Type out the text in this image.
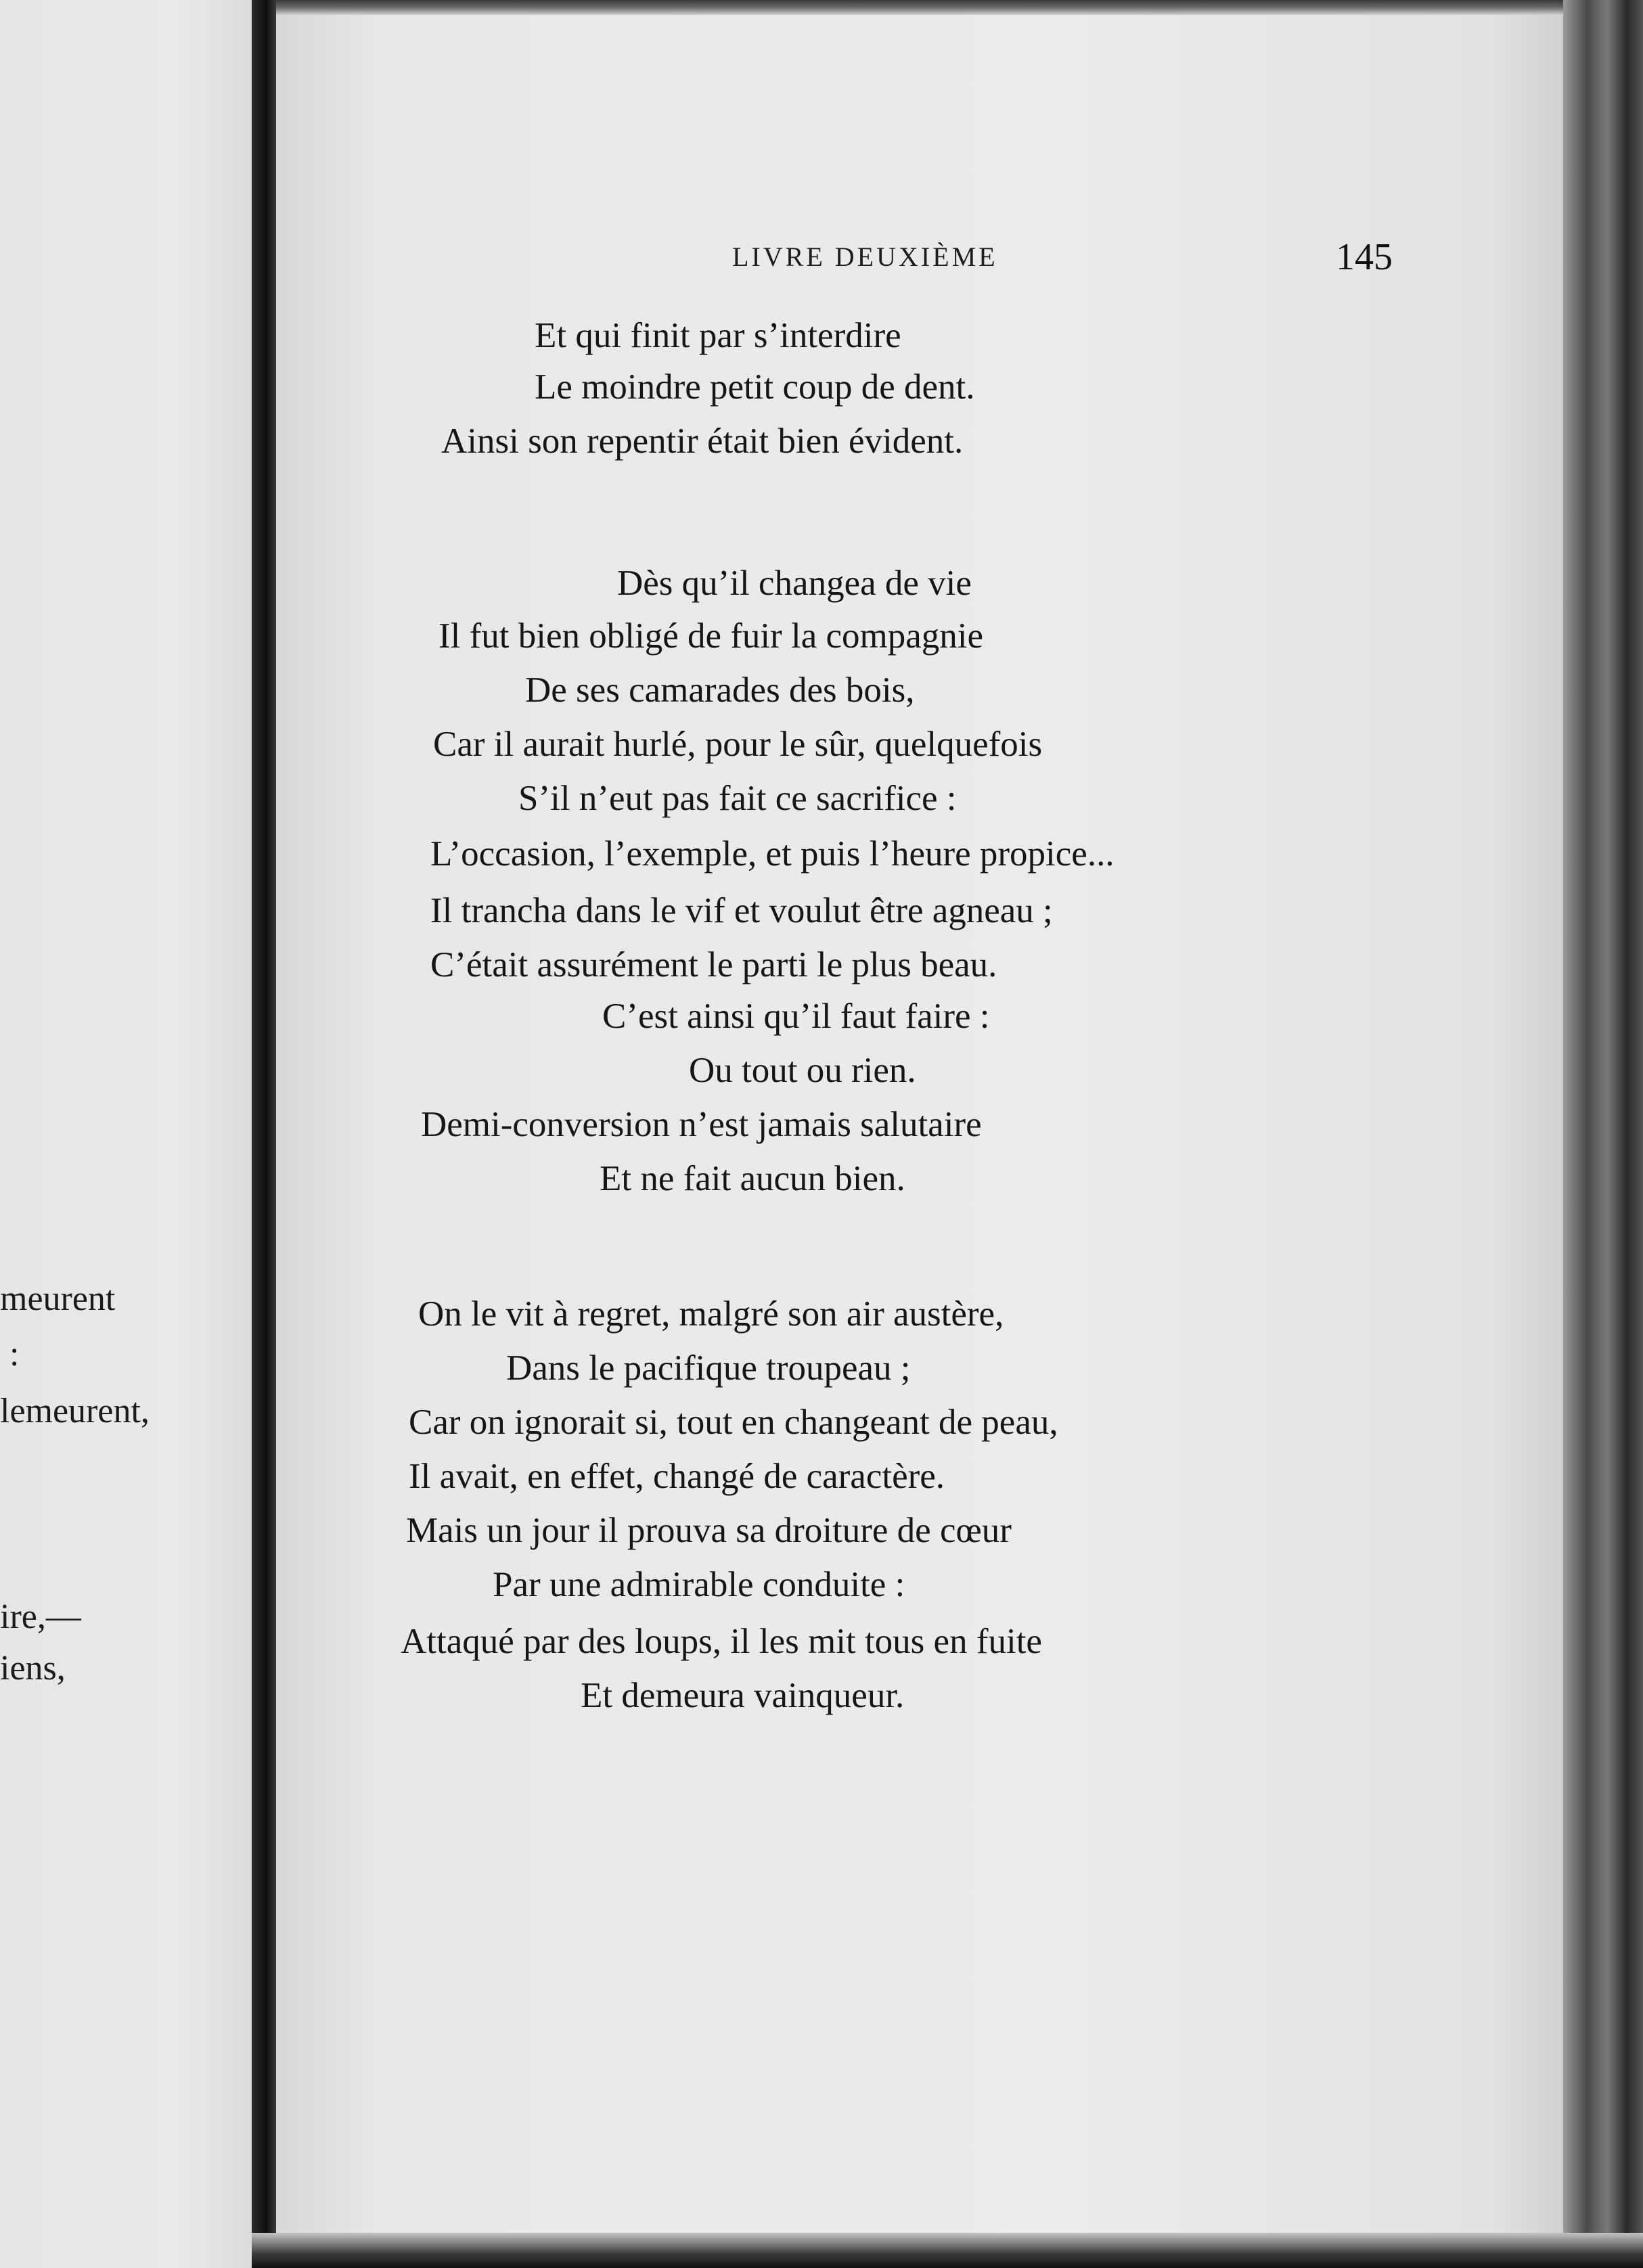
meurent
:
lemeurent,
ire,—
iens,
LIVRE DEUXIÈME	145
Et qui finit par s’interdire
Le moindre petit coup de dent.
Ainsi son repentir était bien évident.
Dès qu’il changea de vie
Il fut bien obligé de fuir la compagnie
De ses camarades des bois,
Car il aurait hurlé, pour le sûr, quelquefois
S’il n’eut pas fait ce sacrifice :
L’occasion, l’exemple, et puis l’heure propice...
Il trancha dans le vif et voulut être agneau ;
C’était assurément le parti le plus beau.
C’est ainsi qu’il faut faire :
Ou tout ou rien.
Demi-conversion n’est jamais salutaire
Et ne fait aucun bien.
On le vit à regret, malgré son air austère,
Dans le pacifique troupeau ;
Car on ignorait si, tout en changeant de peau,
Il avait, en effet, changé de caractère.
Mais un jour il prouva sa droiture de cœur
Par une admirable conduite :
Attaqué par des loups, il les mit tous en fuite
Et demeura vainqueur.
